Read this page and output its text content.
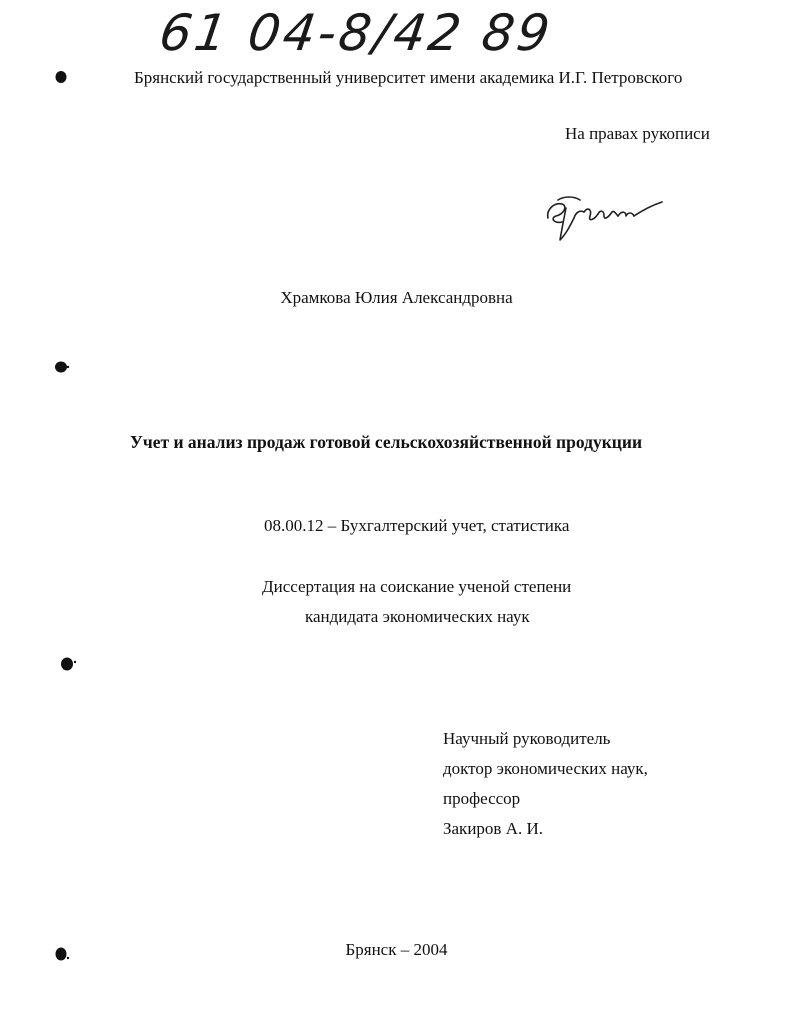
61 04-8/42 89
Брянский государственный университет имени академика И.Г. Петровского
На правах рукописи
Храмкова Юлия Александровна
Учет и анализ продаж готовой сельскохозяйственной продукции
08.00.12 – Бухгалтерский учет, статистика
Диссертация на соискание ученой степени
кандидата экономических наук
Научный руководитель
доктор экономических наук,
профессор
Закиров А. И.
Брянск – 2004
